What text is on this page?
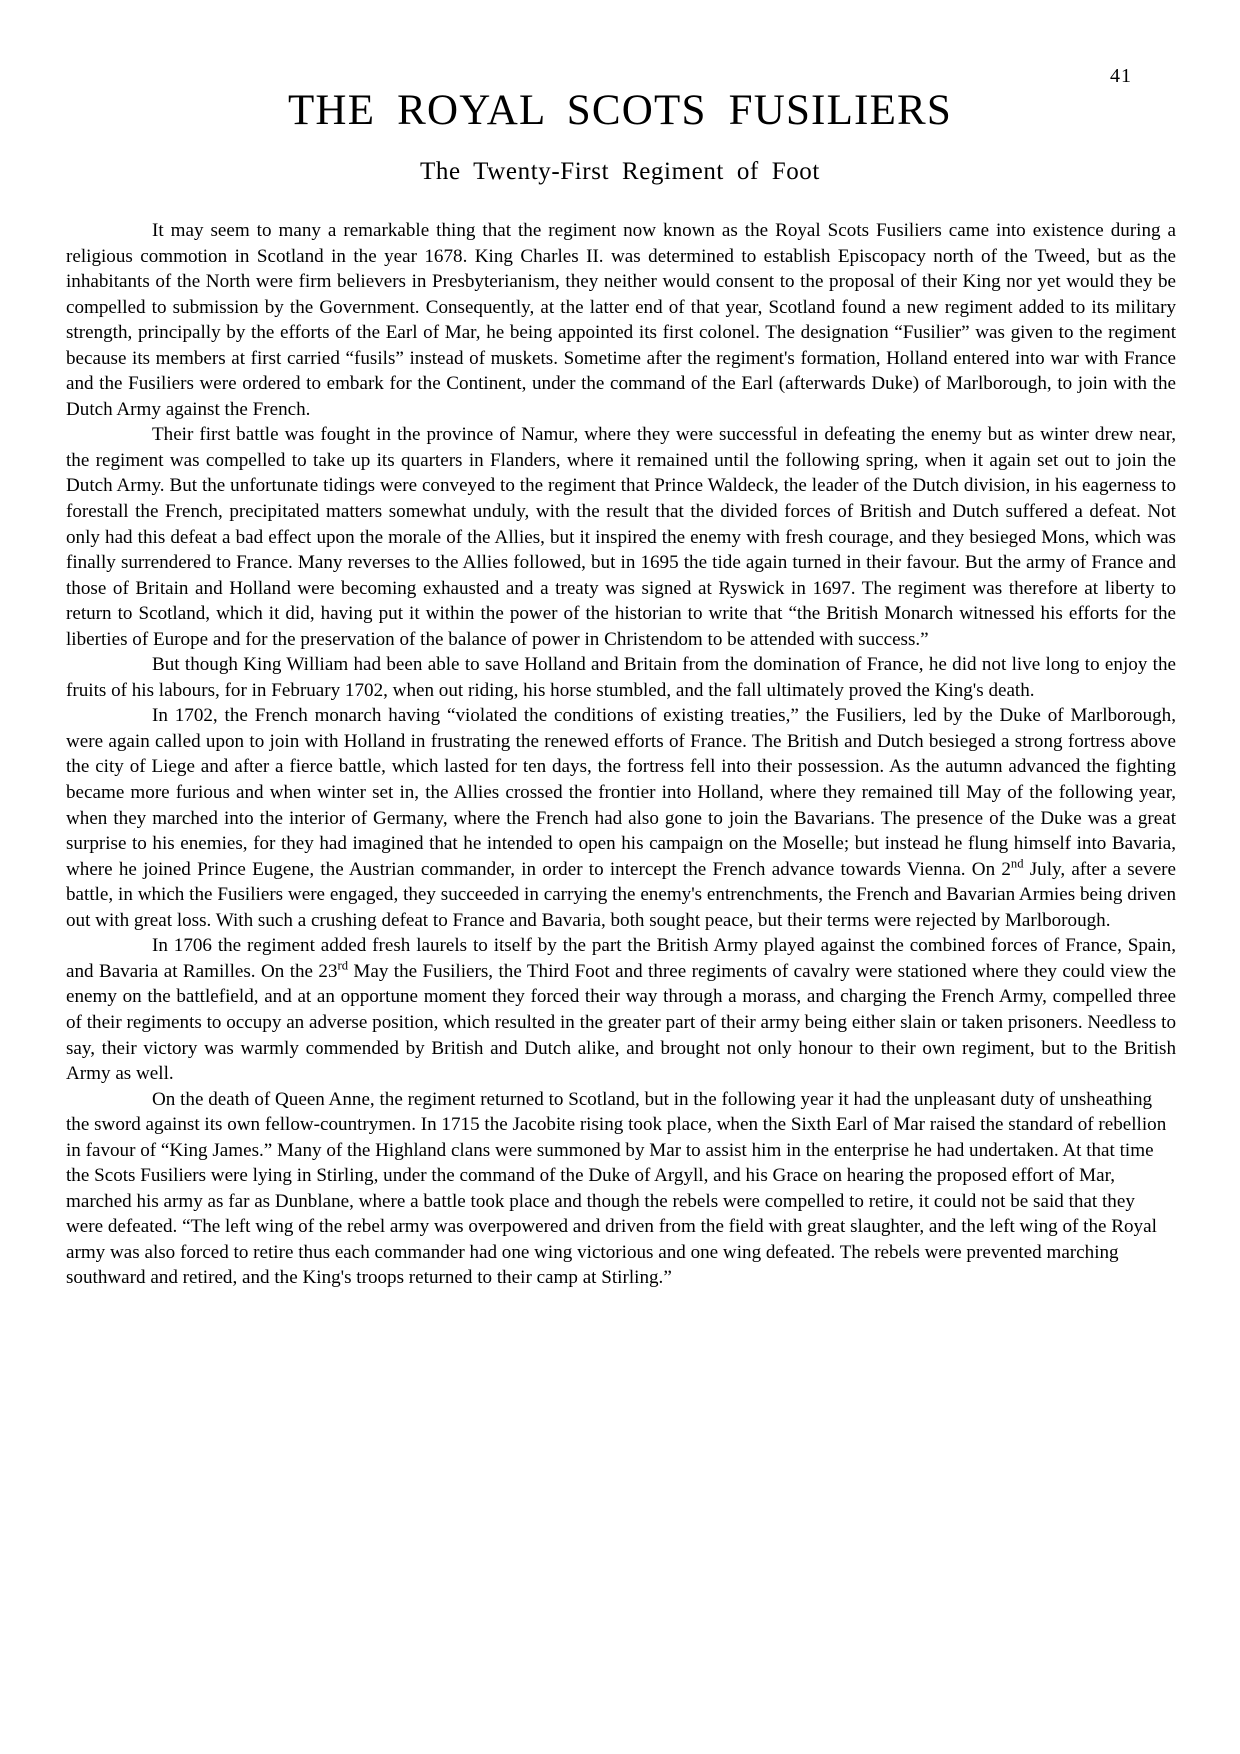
41
THE ROYAL SCOTS FUSILIERS
The Twenty-First Regiment of Foot

It may seem to many a remarkable thing that the regiment now known as the Royal Scots Fusiliers came into existence during a religious commotion in Scotland in the year 1678. King Charles II. was determined to establish Episcopacy north of the Tweed, but as the inhabitants of the North were firm believers in Presbyterianism, they neither would consent to the proposal of their King nor yet would they be compelled to submission by the Government. Consequently, at the latter end of that year, Scotland found a new regiment added to its military strength, principally by the efforts of the Earl of Mar, he being appointed its first colonel. The designation “Fusilier” was given to the regiment because its members at first carried “fusils” instead of muskets. Sometime after the regiment's formation, Holland entered into war with France and the Fusiliers were ordered to embark for the Continent, under the command of the Earl (afterwards Duke) of Marlborough, to join with the Dutch Army against the French.

Their first battle was fought in the province of Namur, where they were successful in defeating the enemy but as winter drew near, the regiment was compelled to take up its quarters in Flanders, where it remained until the following spring, when it again set out to join the Dutch Army. But the unfortunate tidings were conveyed to the regiment that Prince Waldeck, the leader of the Dutch division, in his eagerness to forestall the French, precipitated matters somewhat unduly, with the result that the divided forces of British and Dutch suffered a defeat. Not only had this defeat a bad effect upon the morale of the Allies, but it inspired the enemy with fresh courage, and they besieged Mons, which was finally surrendered to France. Many reverses to the Allies followed, but in 1695 the tide again turned in their favour. But the army of France and those of Britain and Holland were becoming exhausted and a treaty was signed at Ryswick in 1697. The regiment was therefore at liberty to return to Scotland, which it did, having put it within the power of the historian to write that “the British Monarch witnessed his efforts for the liberties of Europe and for the preservation of the balance of power in Christendom to be attended with success.”

But though King William had been able to save Holland and Britain from the domination of France, he did not live long to enjoy the fruits of his labours, for in February 1702, when out riding, his horse stumbled, and the fall ultimately proved the King's death.

In 1702, the French monarch having “violated the conditions of existing treaties,” the Fusiliers, led by the Duke of Marlborough, were again called upon to join with Holland in frustrating the renewed efforts of France. The British and Dutch besieged a strong fortress above the city of Liege and after a fierce battle, which lasted for ten days, the fortress fell into their possession. As the autumn advanced the fighting became more furious and when winter set in, the Allies crossed the frontier into Holland, where they remained till May of the following year, when they marched into the interior of Germany, where the French had also gone to join the Bavarians. The presence of the Duke was a great surprise to his enemies, for they had imagined that he intended to open his campaign on the Moselle; but instead he flung himself into Bavaria, where he joined Prince Eugene, the Austrian commander, in order to intercept the French advance towards Vienna. On 2nd July, after a severe battle, in which the Fusiliers were engaged, they succeeded in carrying the enemy's entrenchments, the French and Bavarian Armies being driven out with great loss. With such a crushing defeat to France and Bavaria, both sought peace, but their terms were rejected by Marlborough.

In 1706 the regiment added fresh laurels to itself by the part the British Army played against the combined forces of France, Spain, and Bavaria at Ramilles. On the 23rd May the Fusiliers, the Third Foot and three regiments of cavalry were stationed where they could view the enemy on the battlefield, and at an opportune moment they forced their way through a morass, and charging the French Army, compelled three of their regiments to occupy an adverse position, which resulted in the greater part of their army being either slain or taken prisoners. Needless to say, their victory was warmly commended by British and Dutch alike, and brought not only honour to their own regiment, but to the British Army as well.

On the death of Queen Anne, the regiment returned to Scotland, but in the following year it had the unpleasant duty of unsheathing the sword against its own fellow-countrymen. In 1715 the Jacobite rising took place, when the Sixth Earl of Mar raised the standard of rebellion in favour of “King James.” Many of the Highland clans were summoned by Mar to assist him in the enterprise he had undertaken. At that time the Scots Fusiliers were lying in Stirling, under the command of the Duke of Argyll, and his Grace on hearing the proposed effort of Mar, marched his army as far as Dunblane, where a battle took place and though the rebels were compelled to retire, it could not be said that they were defeated. “The left wing of the rebel army was overpowered and driven from the field with great slaughter, and the left wing of the Royal army was also forced to retire thus each commander had one wing victorious and one wing defeated. The rebels were prevented marching southward and retired, and the King's troops returned to their camp at Stirling.”
